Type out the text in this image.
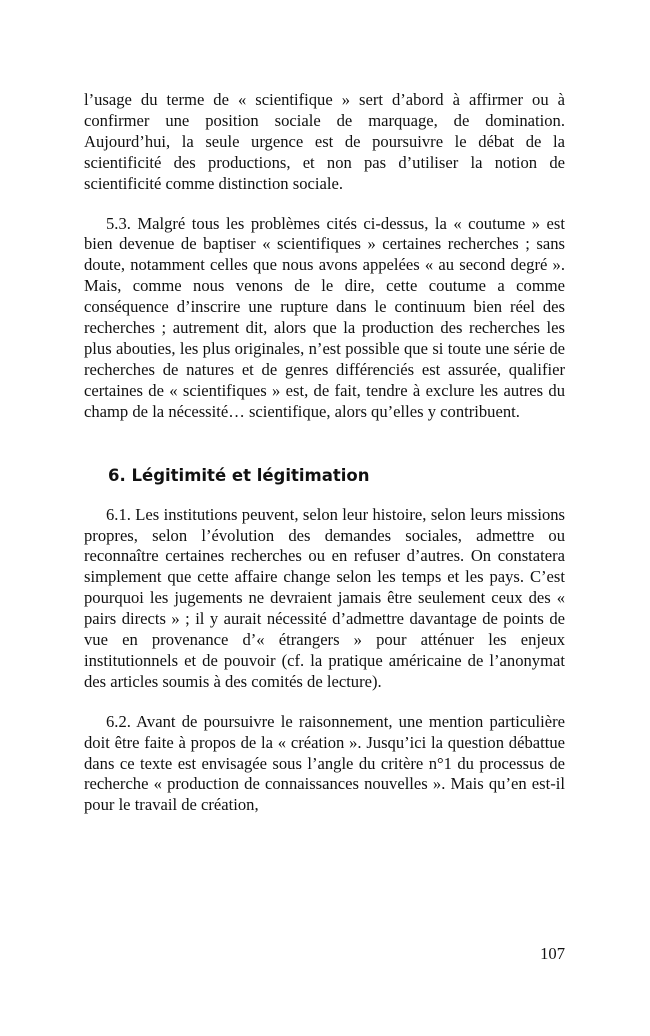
l’usage du terme de « scientifique » sert d’abord à affirmer ou à confirmer une position sociale de marquage, de domination. Aujourd’hui, la seule urgence est de poursuivre le débat de la scientificité des productions, et non pas d’utiliser la notion de scientificité comme distinction sociale.

5.3. Malgré tous les problèmes cités ci-dessus, la « coutume » est bien devenue de baptiser « scientifiques » certaines recherches ; sans doute, notamment celles que nous avons appelées « au second degré ». Mais, comme nous venons de le dire, cette coutume a comme conséquence d’inscrire une rupture dans le continuum bien réel des recherches ; autrement dit, alors que la production des recherches les plus abouties, les plus originales, n’est possible que si toute une série de recherches de natures et de genres différenciés est assurée, qualifier certaines de « scientifiques » est, de fait, tendre à exclure les autres du champ de la nécessité… scientifique, alors qu’elles y contribuent.

6. Légitimité et légitimation

6.1. Les institutions peuvent, selon leur histoire, selon leurs missions propres, selon l’évolution des demandes sociales, admettre ou reconnaître certaines recherches ou en refuser d’autres. On constatera simplement que cette affaire change selon les temps et les pays. C’est pourquoi les jugements ne devraient jamais être seulement ceux des « pairs directs » ; il y aurait nécessité d’admettre davantage de points de vue en provenance d’« étrangers » pour atténuer les enjeux institutionnels et de pouvoir (cf. la pratique américaine de l’anonymat des articles soumis à des comités de lecture).

6.2. Avant de poursuivre le raisonnement, une mention particulière doit être faite à propos de la « création ». Jusqu’ici la question débattue dans ce texte est envisagée sous l’angle du critère n°1 du processus de recherche « production de connaissances nouvelles ». Mais qu’en est-il pour le travail de création,

107
